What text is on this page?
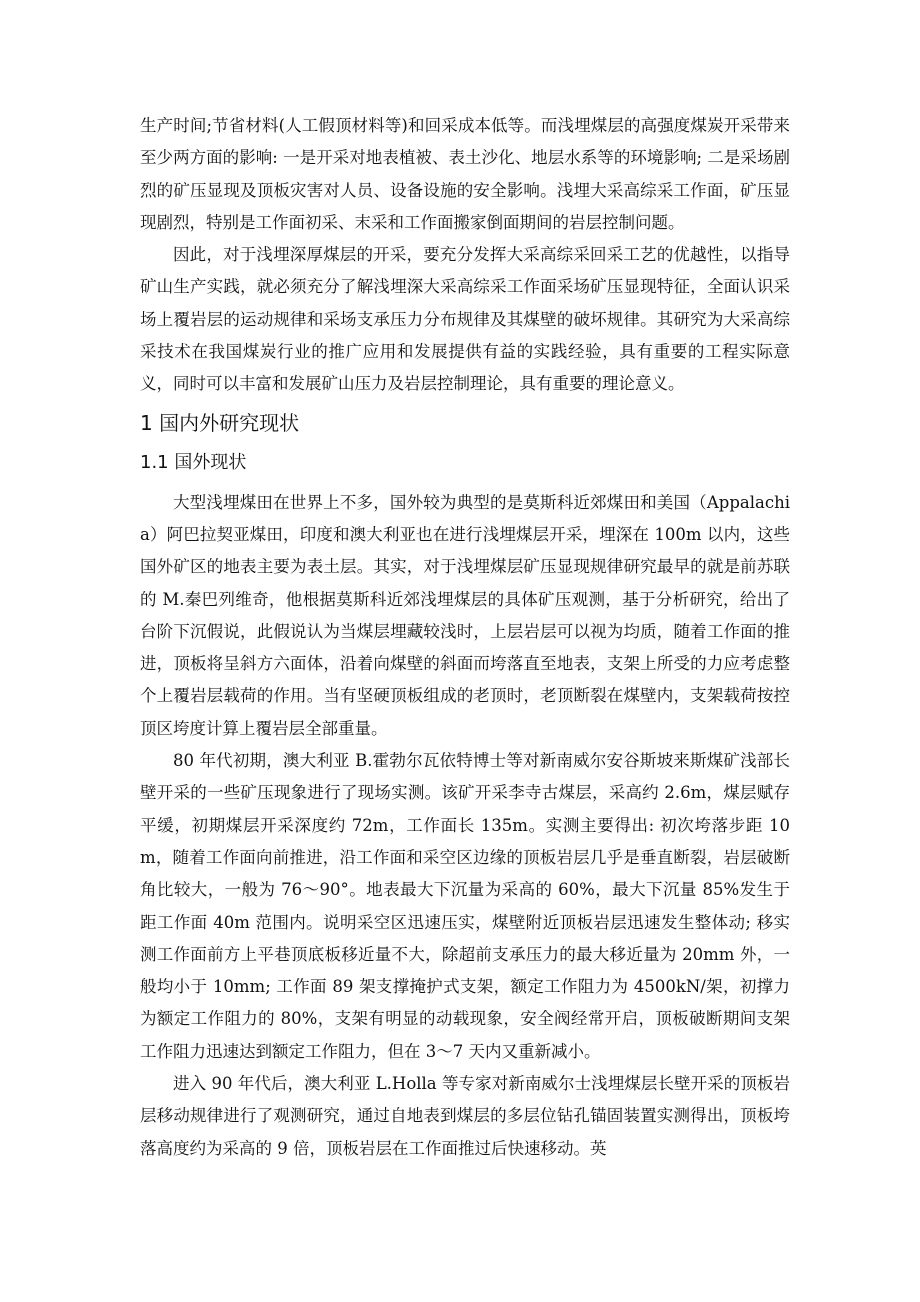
生产时间;节省材料(人工假顶材料等)和回采成本低等。而浅埋煤层的高强度煤炭开采带来至少两方面的影响: 一是开采对地表植被、表土沙化、地层水系等的环境影响; 二是采场剧烈的矿压显现及顶板灾害对人员、设备设施的安全影响。浅埋大采高综采工作面，矿压显现剧烈，特别是工作面初采、末采和工作面搬家倒面期间的岩层控制问题。

因此，对于浅埋深厚煤层的开采，要充分发挥大采高综采回采工艺的优越性，以指导矿山生产实践，就必须充分了解浅埋深大采高综采工作面采场矿压显现特征，全面认识采场上覆岩层的运动规律和采场支承压力分布规律及其煤壁的破坏规律。其研究为大采高综采技术在我国煤炭行业的推广应用和发展提供有益的实践经验，具有重要的工程实际意义，同时可以丰富和发展矿山压力及岩层控制理论，具有重要的理论意义。

1 国内外研究现状
1.1 国外现状

大型浅埋煤田在世界上不多，国外较为典型的是莫斯科近郊煤田和美国（Appalachia）阿巴拉契亚煤田，印度和澳大利亚也在进行浅埋煤层开采，埋深在 100m 以内，这些国外矿区的地表主要为表土层。其实，对于浅埋煤层矿压显现规律研究最早的就是前苏联的 M.秦巴列维奇，他根据莫斯科近郊浅埋煤层的具体矿压观测，基于分析研究，给出了台阶下沉假说，此假说认为当煤层埋藏较浅时，上层岩层可以视为均质，随着工作面的推进，顶板将呈斜方六面体，沿着向煤壁的斜面而垮落直至地表，支架上所受的力应考虑整个上覆岩层载荷的作用。当有坚硬顶板组成的老顶时，老顶断裂在煤壁内，支架载荷按控顶区垮度计算上覆岩层全部重量。

80 年代初期，澳大利亚 B.霍勃尔瓦依特博士等对新南威尔安谷斯坡来斯煤矿浅部长壁开采的一些矿压现象进行了现场实测。该矿开采李寺古煤层，采高约 2.6m，煤层赋存平缓，初期煤层开采深度约 72m，工作面长 135m。实测主要得出: 初次垮落步距 10m，随着工作面向前推进，沿工作面和采空区边缘的顶板岩层几乎是垂直断裂，岩层破断角比较大，一般为 76～90°。地表最大下沉量为采高的 60%，最大下沉量 85%发生于距工作面 40m 范围内。说明采空区迅速压实，煤壁附近顶板岩层迅速发生整体动; 移实测工作面前方上平巷顶底板移近量不大，除超前支承压力的最大移近量为 20mm 外，一般均小于 10mm; 工作面 89 架支撑掩护式支架，额定工作阻力为 4500kN/架，初撑力为额定工作阻力的 80%，支架有明显的动载现象，安全阀经常开启，顶板破断期间支架工作阻力迅速达到额定工作阻力，但在 3～7 天内又重新减小。

进入 90 年代后，澳大利亚 L.Holla 等专家对新南威尔士浅埋煤层长壁开采的顶板岩层移动规律进行了观测研究，通过自地表到煤层的多层位钻孔锚固装置实测得出，顶板垮落高度约为采高的 9 倍，顶板岩层在工作面推过后快速移动。英
